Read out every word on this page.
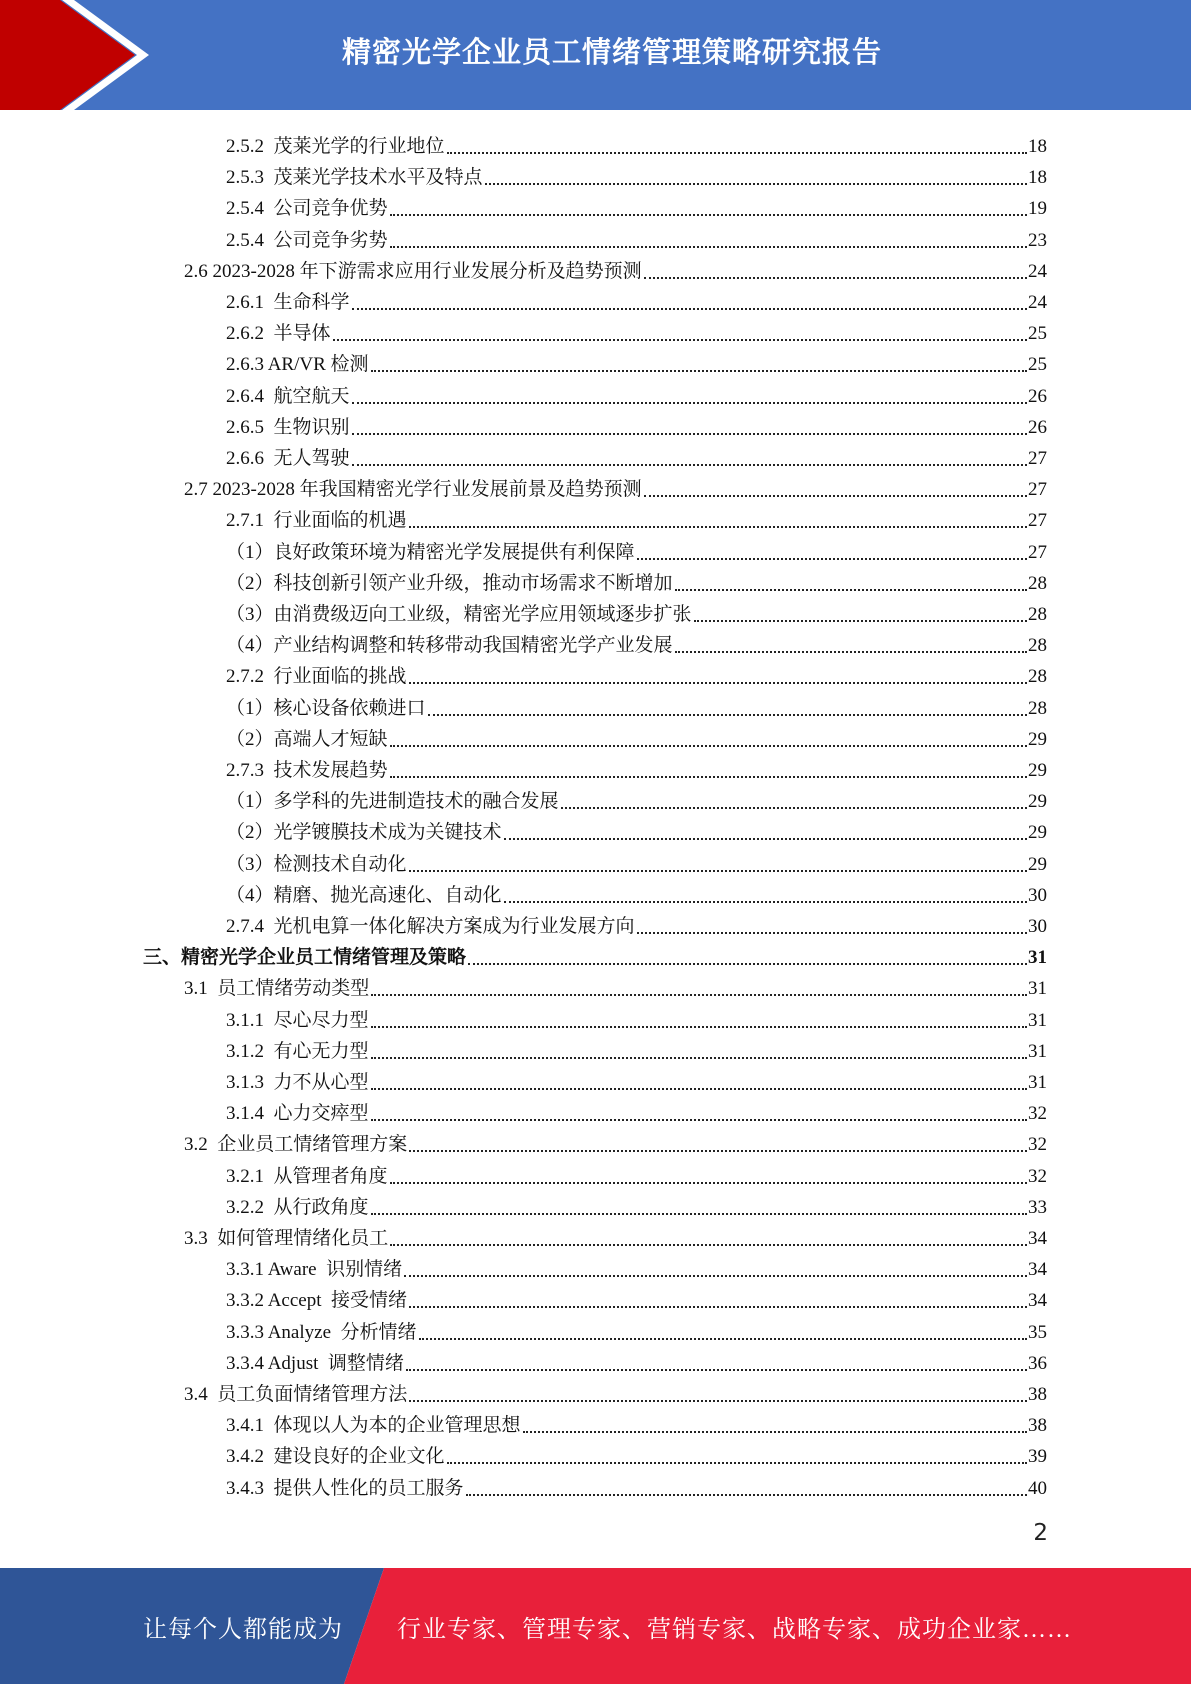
精密光学企业员工情绪管理策略研究报告
2.5.2  茂莱光学的行业地位	18
2.5.3  茂莱光学技术水平及特点	18
2.5.4  公司竞争优势	19
2.5.4  公司竞争劣势	23
2.6 2023-2028 年下游需求应用行业发展分析及趋势预测	24
2.6.1  生命科学	24
2.6.2  半导体	25
2.6.3 AR/VR 检测	25
2.6.4  航空航天	26
2.6.5  生物识别	26
2.6.6  无人驾驶	27
2.7 2023-2028 年我国精密光学行业发展前景及趋势预测	27
2.7.1  行业面临的机遇	27
（1）良好政策环境为精密光学发展提供有利保障	27
（2）科技创新引领产业升级，推动市场需求不断增加	28
（3）由消费级迈向工业级，精密光学应用领域逐步扩张	28
（4）产业结构调整和转移带动我国精密光学产业发展	28
2.7.2  行业面临的挑战	28
（1）核心设备依赖进口	28
（2）高端人才短缺	29
2.7.3  技术发展趋势	29
（1）多学科的先进制造技术的融合发展	29
（2）光学镀膜技术成为关键技术	29
（3）检测技术自动化	29
（4）精磨、抛光高速化、自动化	30
2.7.4  光机电算一体化解决方案成为行业发展方向	30
三、精密光学企业员工情绪管理及策略	31
3.1  员工情绪劳动类型	31
3.1.1  尽心尽力型	31
3.1.2  有心无力型	31
3.1.3  力不从心型	31
3.1.4  心力交瘁型	32
3.2  企业员工情绪管理方案	32
3.2.1  从管理者角度	32
3.2.2  从行政角度	33
3.3  如何管理情绪化员工	34
3.3.1 Aware  识别情绪	34
3.3.2 Accept  接受情绪	34
3.3.3 Analyze  分析情绪	35
3.3.4 Adjust  调整情绪	36
3.4  员工负面情绪管理方法	38
3.4.1  体现以人为本的企业管理思想	38
3.4.2  建设良好的企业文化	39
3.4.3  提供人性化的员工服务	40
2
让每个人都能成为 行业专家、管理专家、营销专家、战略专家、成功企业家……
